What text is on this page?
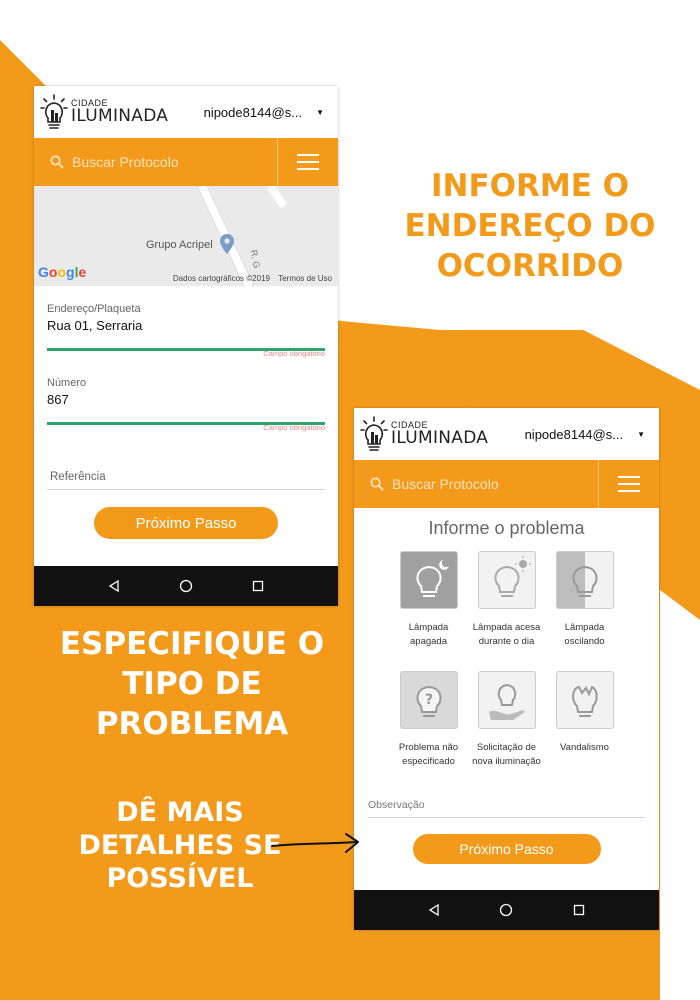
CIDADE
ILUMINADA	nipode8144@s... ▼
Buscar Protocolo
Grupo Acripel
R. G
Google	Dados cartográficos ©2019 Termos de Uso
Endereço/Plaqueta
Rua 01, Serraria
Campo obrigatório
Número
867
Campo obrigatório
Referência
Próximo Passo
CIDADE
ILUMINADA	nipode8144@s... ▼
Buscar Protocolo
Informe o problema
Lâmpada apagada
Lâmpada acesa durante o dia
Lâmpada oscilando
?
Problema não especificado
Solicitação de nova iluminação
Vandalismo
Observação
Próximo Passo
INFORME O
ENDEREÇO DO
OCORRIDO
ESPECIFIQUE O
TIPO DE
PROBLEMA
DÊ MAIS
DETALHES SE
POSSÍVEL
